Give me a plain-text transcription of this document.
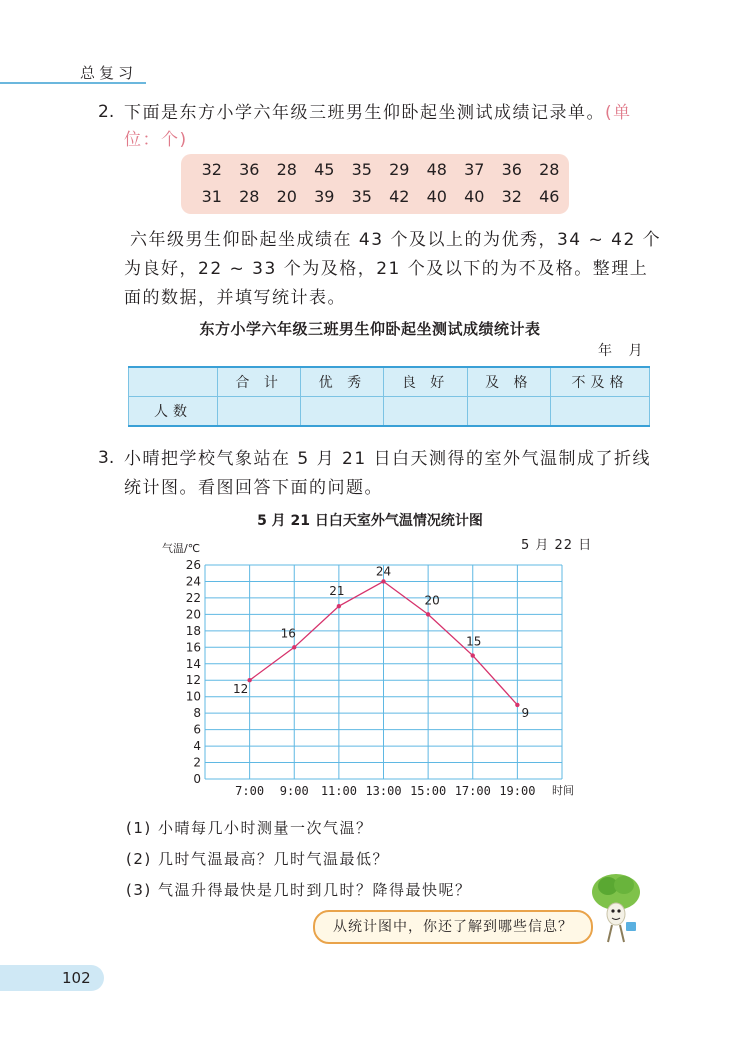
总复习
2. 下面是东方小学六年级三班男生仰卧起坐测试成绩记录单。(单
位：个)
32 36 28 45 35 29 48 37 36 28
31 28 20 39 35 42 40 40 32 46
六年级男生仰卧起坐成绩在 43 个及以上的为优秀，34 ~ 42 个
为良好，22 ~ 33 个为及格，21 个及以下的为不及格。整理上
面的数据，并填写统计表。
东方小学六年级三班男生仰卧起坐测试成绩统计表
年 月
	合 计	优 秀	良 好	及 格	不及格
人数					
3. 小晴把学校气象站在 5 月 21 日白天测得的室外气温制成了折线
统计图。看图回答下面的问题。
5 月 21 日白天室外气温情况统计图
5 月 22 日
0
2
4
6
8
10
12
14
16
18
20
22
24
26
7:00 9:00 11:00 13:00 15:00 17:00 19:00
12
16
21
24
20
15
9
气温/℃
时间
(1) 小晴每几小时测量一次气温？
(2) 几时气温最高？几时气温最低？
(3) 气温升得最快是几时到几时？降得最快呢？
从统计图中，你还了解到哪些信息？
102
